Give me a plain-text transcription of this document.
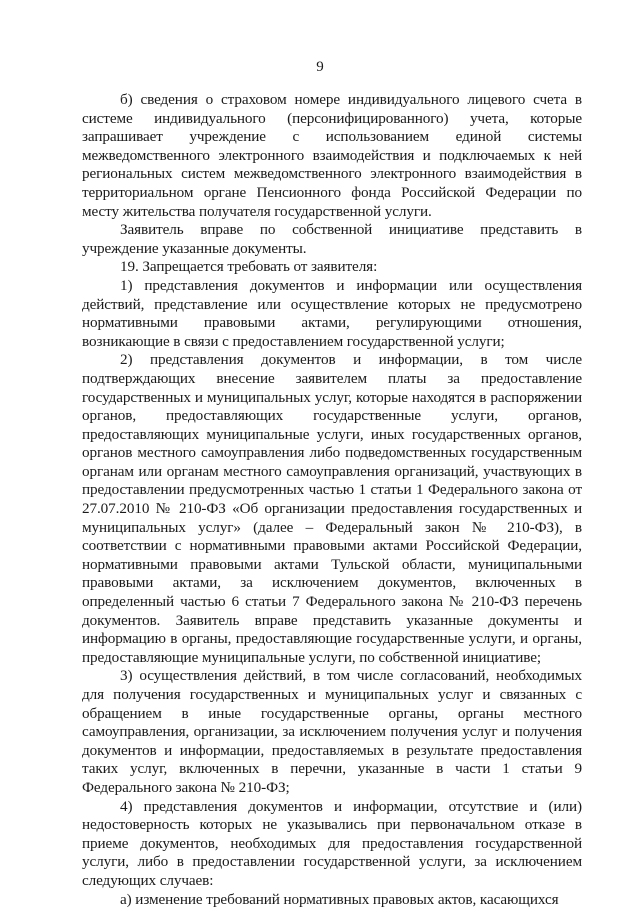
9

б) сведения о страховом номере индивидуального лицевого счета в системе индивидуального (персонифицированного) учета, которые запрашивает учреждение с использованием единой системы межведомственного электронного взаимодействия и подключаемых к ней региональных систем межведомственного электронного взаимодействия в территориальном органе Пенсионного фонда Российской Федерации по месту жительства получателя государственной услуги.

Заявитель вправе по собственной инициативе представить в учреждение указанные документы.

19. Запрещается требовать от заявителя:

1) представления документов и информации или осуществления действий, представление или осуществление которых не предусмотрено нормативными правовыми актами, регулирующими отношения, возникающие в связи с предоставлением государственной услуги;

2) представления документов и информации, в том числе подтверждающих внесение заявителем платы за предоставление государственных и муниципальных услуг, которые находятся в распоряжении органов, предоставляющих государственные услуги, органов, предоставляющих муниципальные услуги, иных государственных органов, органов местного самоуправления либо подведомственных государственным органам или органам местного самоуправления организаций, участвующих в предоставлении предусмотренных частью 1 статьи 1 Федерального закона от 27.07.2010 № 210-ФЗ «Об организации предоставления государственных и муниципальных услуг» (далее – Федеральный закон № 210-ФЗ), в соответствии с нормативными правовыми актами Российской Федерации, нормативными правовыми актами Тульской области, муниципальными правовыми актами, за исключением документов, включенных в определенный частью 6 статьи 7 Федерального закона № 210-ФЗ перечень документов. Заявитель вправе представить указанные документы и информацию в органы, предоставляющие государственные услуги, и органы, предоставляющие муниципальные услуги, по собственной инициативе;

3) осуществления действий, в том числе согласований, необходимых для получения государственных и муниципальных услуг и связанных с обращением в иные государственные органы, органы местного самоуправления, организации, за исключением получения услуг и получения документов и информации, предоставляемых в результате предоставления таких услуг, включенных в перечни, указанные в части 1 статьи 9 Федерального закона № 210-ФЗ;

4) представления документов и информации, отсутствие и (или) недостоверность которых не указывались при первоначальном отказе в приеме документов, необходимых для предоставления государственной услуги, либо в предоставлении государственной услуги, за исключением следующих случаев:

а) изменение требований нормативных правовых актов, касающихся
